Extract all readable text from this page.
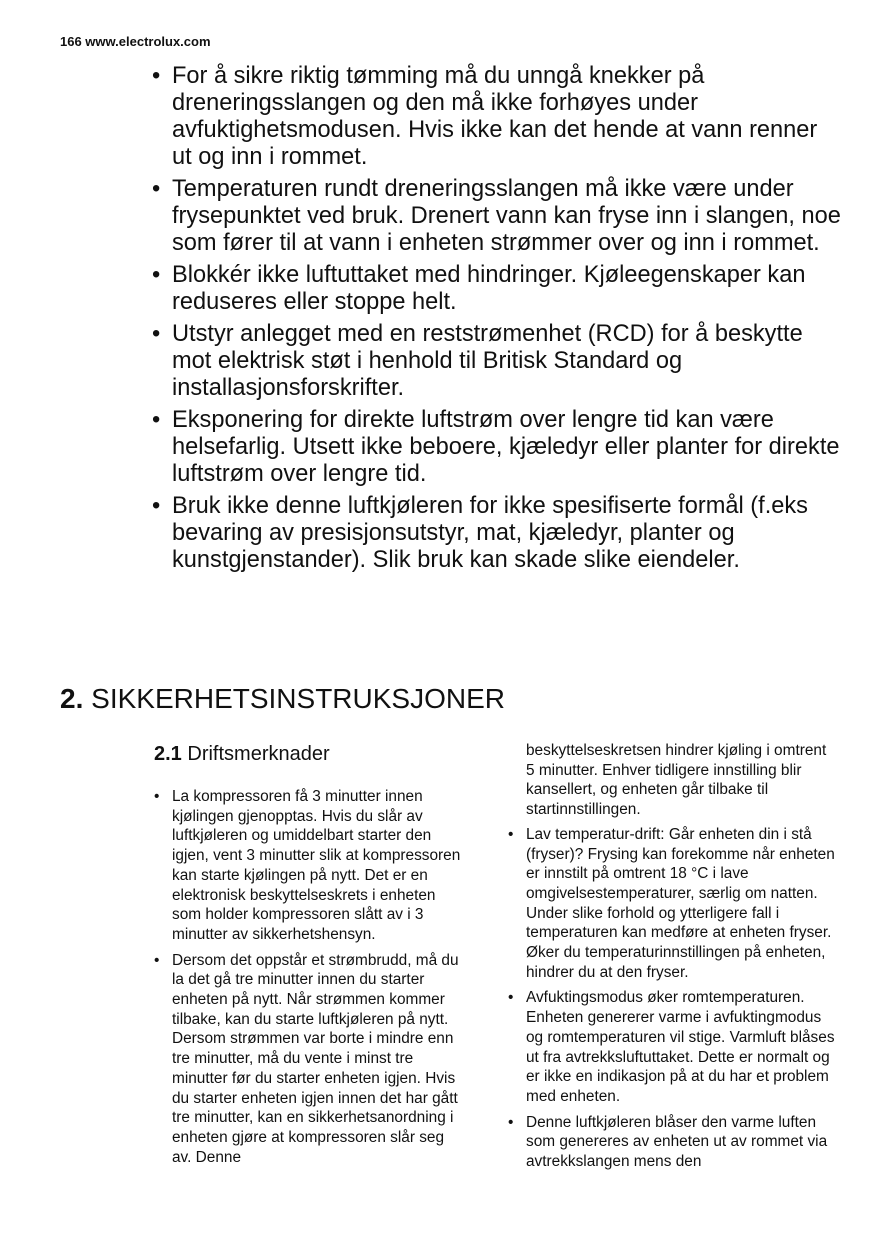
166 www.electrolux.com
• For å sikre riktig tømming må du unngå knekker på dreneringsslangen og den må ikke forhøyes under avfuktighetsmodusen. Hvis ikke kan det hende at vann renner ut og inn i rommet.
• Temperaturen rundt dreneringsslangen må ikke være under frysepunktet ved bruk. Drenert vann kan fryse inn i slangen, noe som fører til at vann i enheten strømmer over og inn i rommet.
• Blokkér ikke luftuttaket med hindringer. Kjøleegenskaper kan reduseres eller stoppe helt.
• Utstyr anlegget med en reststrømenhet (RCD) for å beskytte mot elektrisk støt i henhold til Britisk Standard og installasjonsforskrifter.
• Eksponering for direkte luftstrøm over lengre tid kan være helsefarlig. Utsett ikke beboere, kjæledyr eller planter for direkte luftstrøm over lengre tid.
• Bruk ikke denne luftkjøleren for ikke spesifiserte formål (f.eks bevaring av presisjonsutstyr, mat, kjæledyr, planter og kunstgjenstander). Slik bruk kan skade slike eiendeler.
2. SIKKERHETSINSTRUKSJONER
2.1 Driftsmerknader
• La kompressoren få 3 minutter innen kjølingen gjenopptas. Hvis du slår av luftkjøleren og umiddelbart starter den igjen, vent 3 minutter slik at kompressoren kan starte kjølingen på nytt. Det er en elektronisk beskyttelseskrets i enheten som holder kompressoren slått av i 3 minutter av sikkerhetshensyn.
• Dersom det oppstår et strømbrudd, må du la det gå tre minutter innen du starter enheten på nytt. Når strømmen kommer tilbake, kan du starte luftkjøleren på nytt. Dersom strømmen var borte i mindre enn tre minutter, må du vente i minst tre minutter før du starter enheten igjen. Hvis du starter enheten igjen innen det har gått tre minutter, kan en sikkerhetsanordning i enheten gjøre at kompressoren slår seg av. Denne

beskyttelseskretsen hindrer kjøling i omtrent 5 minutter. Enhver tidligere innstilling blir kansellert, og enheten går tilbake til startinnstillingen.

• Lav temperatur-drift: Går enheten din i stå (fryser)? Frysing kan forekomme når enheten er innstilt på omtrent 18 °C i lave omgivelsestemperaturer, særlig om natten. Under slike forhold og ytterligere fall i temperaturen kan medføre at enheten fryser. Øker du temperaturinnstillingen på enheten, hindrer du at den fryser.
• Avfuktingsmodus øker romtemperaturen. Enheten genererer varme i avfuktingmodus og romtemperaturen vil stige. Varmluft blåses ut fra avtrekksluftuttaket. Dette er normalt og er ikke en indikasjon på at du har et problem med enheten.
• Denne luftkjøleren blåser den varme luften som genereres av enheten ut av rommet via avtrekkslangen mens den
